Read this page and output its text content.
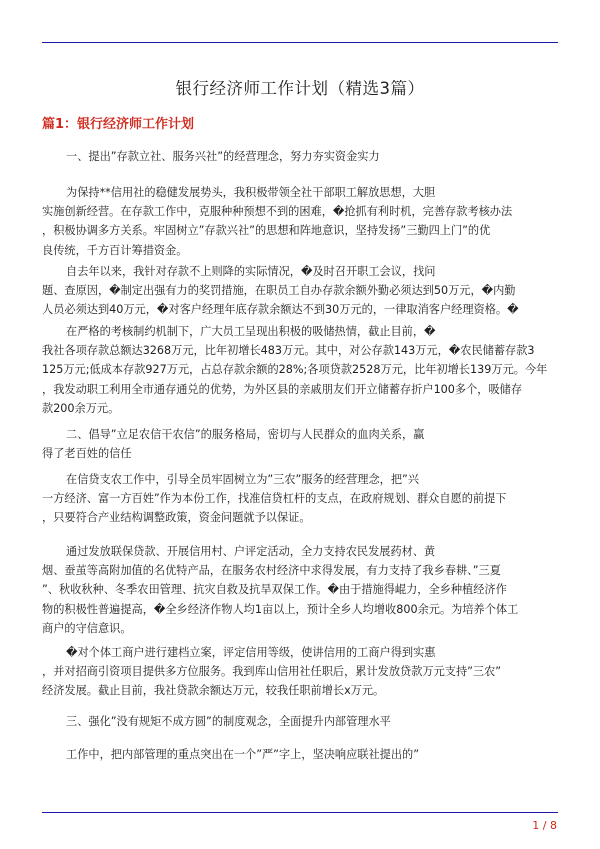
银行经济师工作计划（精选3篇）
篇1：银行经济师工作计划
一、提出”存款立社、服务兴社”的经营理念，努力夯实资金实力
为保持**信用社的稳健发展势头，我积极带领全社干部职工解放思想，大胆
实施创新经营。在存款工作中，克服种种预想不到的困难，�抢抓有利时机，完善存款考核办法
，积极协调多方关系。牢固树立”存款兴社”的思想和阵地意识，坚持发扬”三勤四上门”的优
良传统，千方百计筹措资金。
自去年以来，我针对存款不上则降的实际情况，�及时召开职工会议，找问
题、查原因，�制定出强有力的奖罚措施，在职员工自办存款余额外勤必须达到50万元，�内勤
人员必须达到40万元，�对客户经理年底存款余额达不到30万元的，一律取消客户经理资格。�
在严格的考核制约机制下，广大员工呈现出积极的吸储热情，截止目前，�
我社各项存款总额达3268万元，比年初增长483万元。其中，对公存款143万元，�农民储蓄存款3
125万元;低成本存款927万元，占总存款余额的28%;各项贷款2528万元，比年初增长139万元。今年
，我发动职工利用全市通存通兑的优势，为外区县的亲戚朋友们开立储蓄存折户100多个，吸储存
款200余万元。
二、倡导”立足农信干农信”的服务格局，密切与人民群众的血肉关系，赢
得了老百姓的信任
在信贷支农工作中，引导全员牢固树立为”三农”服务的经营理念，把”兴
一方经济、富一方百姓”作为本份工作，找准信贷杠杆的支点，在政府规划、群众自愿的前提下
，只要符合产业结构调整政策，资金问题就予以保证。
通过发放联保贷款、开展信用村、户评定活动，全力支持农民发展药材、黄
烟、蚕茧等高附加值的名优特产品，在服务农村经济中求得发展，有力支持了我乡春耕、”三夏
”、秋收秋种、冬季农田管理、抗灾自救及抗旱双保工作。�由于措施得崐力，全乡种植经济作
物的积极性普遍提高，�全乡经济作物人均1亩以上，预计全乡人均增收800余元。为培养个体工
商户的守信意识。
�对个体工商户进行建档立案，评定信用等级，使讲信用的工商户得到实惠
，并对招商引资项目提供多方位服务。我到库山信用社任职后，累计发放贷款万元支持”三农”
经济发展。截止目前，我社贷款余额达万元，较我任职前增长x万元。
三、强化”没有规矩不成方圆”的制度观念，全面提升内部管理水平
工作中，把内部管理的重点突出在一个”严”字上，坚决响应联社提出的”
1 / 8
